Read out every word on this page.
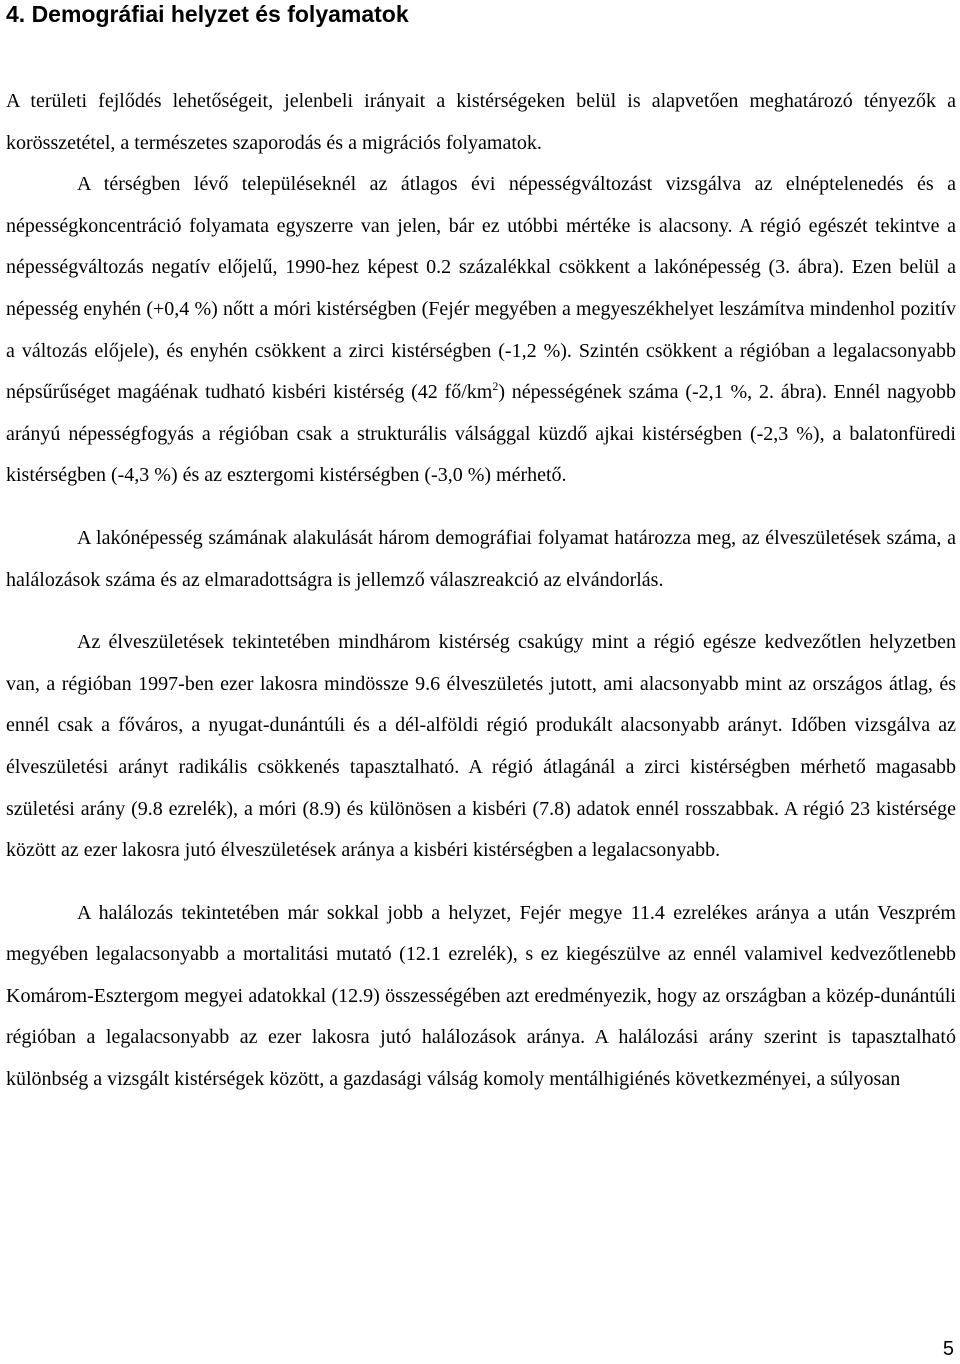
4. Demográfiai helyzet és folyamatok

A területi fejlődés lehetőségeit, jelenbeli irányait a kistérségeken belül is alapvetően meghatározó tényezők a korösszetétel, a természetes szaporodás és a migrációs folyamatok.

A térségben lévő településeknél az átlagos évi népességváltozást vizsgálva az elnéptelenedés és a népességkoncentráció folyamata egyszerre van jelen, bár ez utóbbi mértéke is alacsony. A régió egészét tekintve a népességváltozás negatív előjelű, 1990-hez képest 0.2 százalékkal csökkent a lakónépesség (3. ábra). Ezen belül a népesség enyhén (+0,4 %) nőtt a móri kistérségben (Fejér megyében a megyeszékhelyet leszámítva mindenhol pozitív a változás előjele), és enyhén csökkent a zirci kistérségben (-1,2 %). Szintén csökkent a régióban a legalacsonyabb népsűrűséget magáénak tudható kisbéri kistérség (42 $fő/km^2$) népességének száma (-2,1 %, 2. ábra). Ennél nagyobb arányú népességfogyás a régióban csak a strukturális válsággal küzdő ajkai kistérségben (-2,3 %), a balatonfüredi kistérségben (-4,3 %) és az esztergomi kistérségben (-3,0 %) mérhető.

A lakónépesség számának alakulását három demográfiai folyamat határozza meg, az élveszületések száma, a halálozások száma és az elmaradottságra is jellemző válaszreakció az elvándorlás.

Az élveszületések tekintetében mindhárom kistérség csakúgy mint a régió egésze kedvezőtlen helyzetben van, a régióban 1997-ben ezer lakosra mindössze 9.6 élveszületés jutott, ami alacsonyabb mint az országos átlag, és ennél csak a főváros, a nyugat-dunántúli és a dél-alföldi régió produkált alacsonyabb arányt. Időben vizsgálva az élveszületési arányt radikális csökkenés tapasztalható. A régió átlagánál a zirci kistérségben mérhető magasabb születési arány (9.8 ezrelék), a móri (8.9) és különösen a kisbéri (7.8) adatok ennél rosszabbak. A régió 23 kistérsége között az ezer lakosra jutó élveszületések aránya a kisbéri kistérségben a legalacsonyabb.

A halálozás tekintetében már sokkal jobb a helyzet, Fejér megye 11.4 ezrelékes aránya a után Veszprém megyében legalacsonyabb a mortalitási mutató (12.1 ezrelék), s ez kiegészülve az ennél valamivel kedvezőtlenebb Komárom-Esztergom megyei adatokkal (12.9) összességében azt eredményezik, hogy az országban a közép-dunántúli régióban a legalacsonyabb az ezer lakosra jutó halálozások aránya. A halálozási arány szerint is tapasztalható különbség a vizsgált kistérségek között, a gazdasági válság komoly mentálhigiénés következményei, a súlyosan

5
